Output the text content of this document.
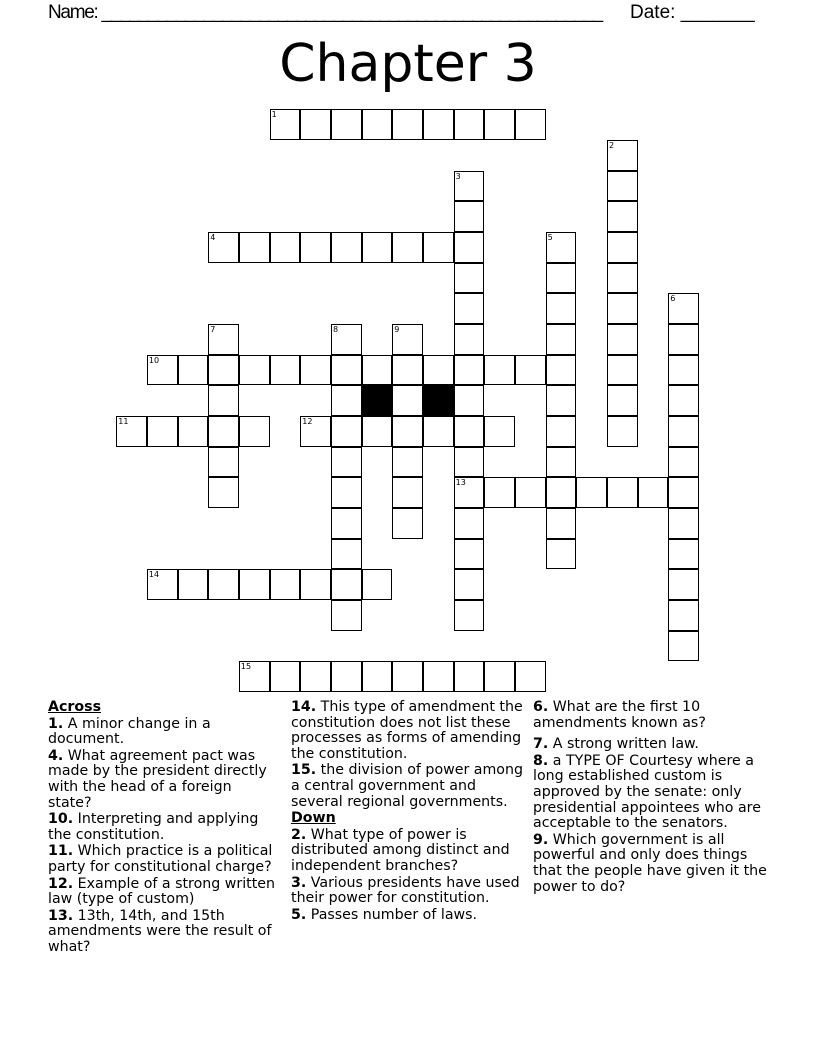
Name: ______________________________________________________ Date: _______
Chapter 3
1
2
3
13
4	5
6
7	8	9
10
11	12
14
15

Across

1. A minor change in a document.

4. What agreement pact was made by the president directly with the head of a foreign state?

10. Interpreting and applying the constitution.

11. Which practice is a political party for constitutional charge?

12. Example of a strong written law (type of custom)

13. 13th, 14th, and 15th amendments were the result of what?

14. This type of amendment the constitution does not list these processes as forms of amending the constitution.

15. the division of power among a central government and several regional governments.

Down

2. What type of power is distributed among distinct and independent branches?

3. Various presidents have used their power for constitution.

5. Passes number of laws.

6. What are the first 10 amendments known as?

7. A strong written law.

8. a TYPE OF Courtesy where a long established custom is approved by the senate: only presidential appointees who are acceptable to the senators.

9. Which government is all powerful and only does things that the people have given it the power to do?
